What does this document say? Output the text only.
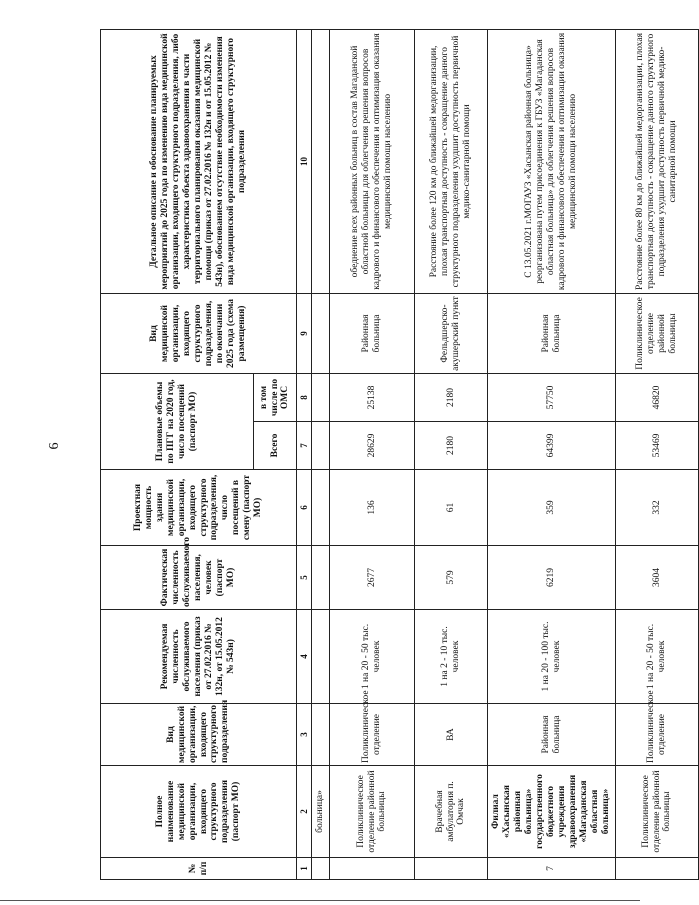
6
№ п/п	Полное наименование медицинской организации, входящего структурного подразделения (паспорт МО)	Вид медицинской организации, входящего структурного подразделения	Рекомендуемая численность обслуживаемого населения (приказ от 27.02.2016 № 132н, от 15.05.2012 № 543н)	Фактическая численность обслуживаемого населения, человек (паспорт МО)	Проектная мощность здания медицинской организации, входящего структурного подразделения, число посещений в смену (паспорт МО)	Плановые объемы по ПГГ на 2020 год, число посещений (паспорт МО)		Вид медицинской организации, входящего структурного подразделения, по окончании 2025 года (схема размещения)	Детальное описание и обоснование планируемых мероприятий до 2025 года по изменению вида медицинской организации, входящего структурного подразделения, либо характеристика объекта здравоохранения в части территориального планирования оказания медицинской помощи (приказ от 27.02.2016 № 132н и от 15.05.2012 № 543н), обоснованием отсутствие необходимости изменения вида медицинской организации, входящего структурного подразделения
						Всего	в том числе по ОМС		
1	2	3	4	5	6	7	8	9	10
	больница»								
	Поликлиническое отделение районной больницы	Поликлиническое отделение	1 на 20 - 50 тыс. человек	2677	136	28629	25138	Районная больница	обеднение всех районных больниц в состав Магаданской областной больницы для облегчения решения вопросов кадрового и финансового обеспечения и оптимизация оказания медицинской помощи населению
	Врачебная амбулатория п. Омчак	ВА	1 на 2 - 10 тыс. человек	579	61	2180	2180	Фельдшерско-акушерский пункт	Расстояние более 120 км до ближайшей медорганизации, плохая транспортная доступность - сокращение данного структурного подразделения ухудшит доступность первичной медико-санитарной помощи
7	Филиал «Хасынская районная больница» государственного бюджетного учреждения здравоохранения «Магаданская областная больница»	Районная больница	1 на 20 - 100 тыс. человек	6219	359	64399	57750	Районная больница	С 13.05.2021 г.МОГАУЗ «Хасынская районная больница» реорганизована путем присоединения к ГБУЗ «Магаданская областная больница» для облегчения решения вопросов кадрового и финансового обеспечения и оптимизации оказания медицинской помощи населению
	Поликлиническое отделение районной больницы	Поликлиническое отделение	1 на 20 - 50 тыс. человек	3604	332	53469	46820	Поликлиническое отделение районной больницы	Расстояние более 80 км до ближайшей медорганизации, плохая транспортная доступность - сокращение данного структурного подразделения ухудшит доступность первичной медико-санитарной помощи
